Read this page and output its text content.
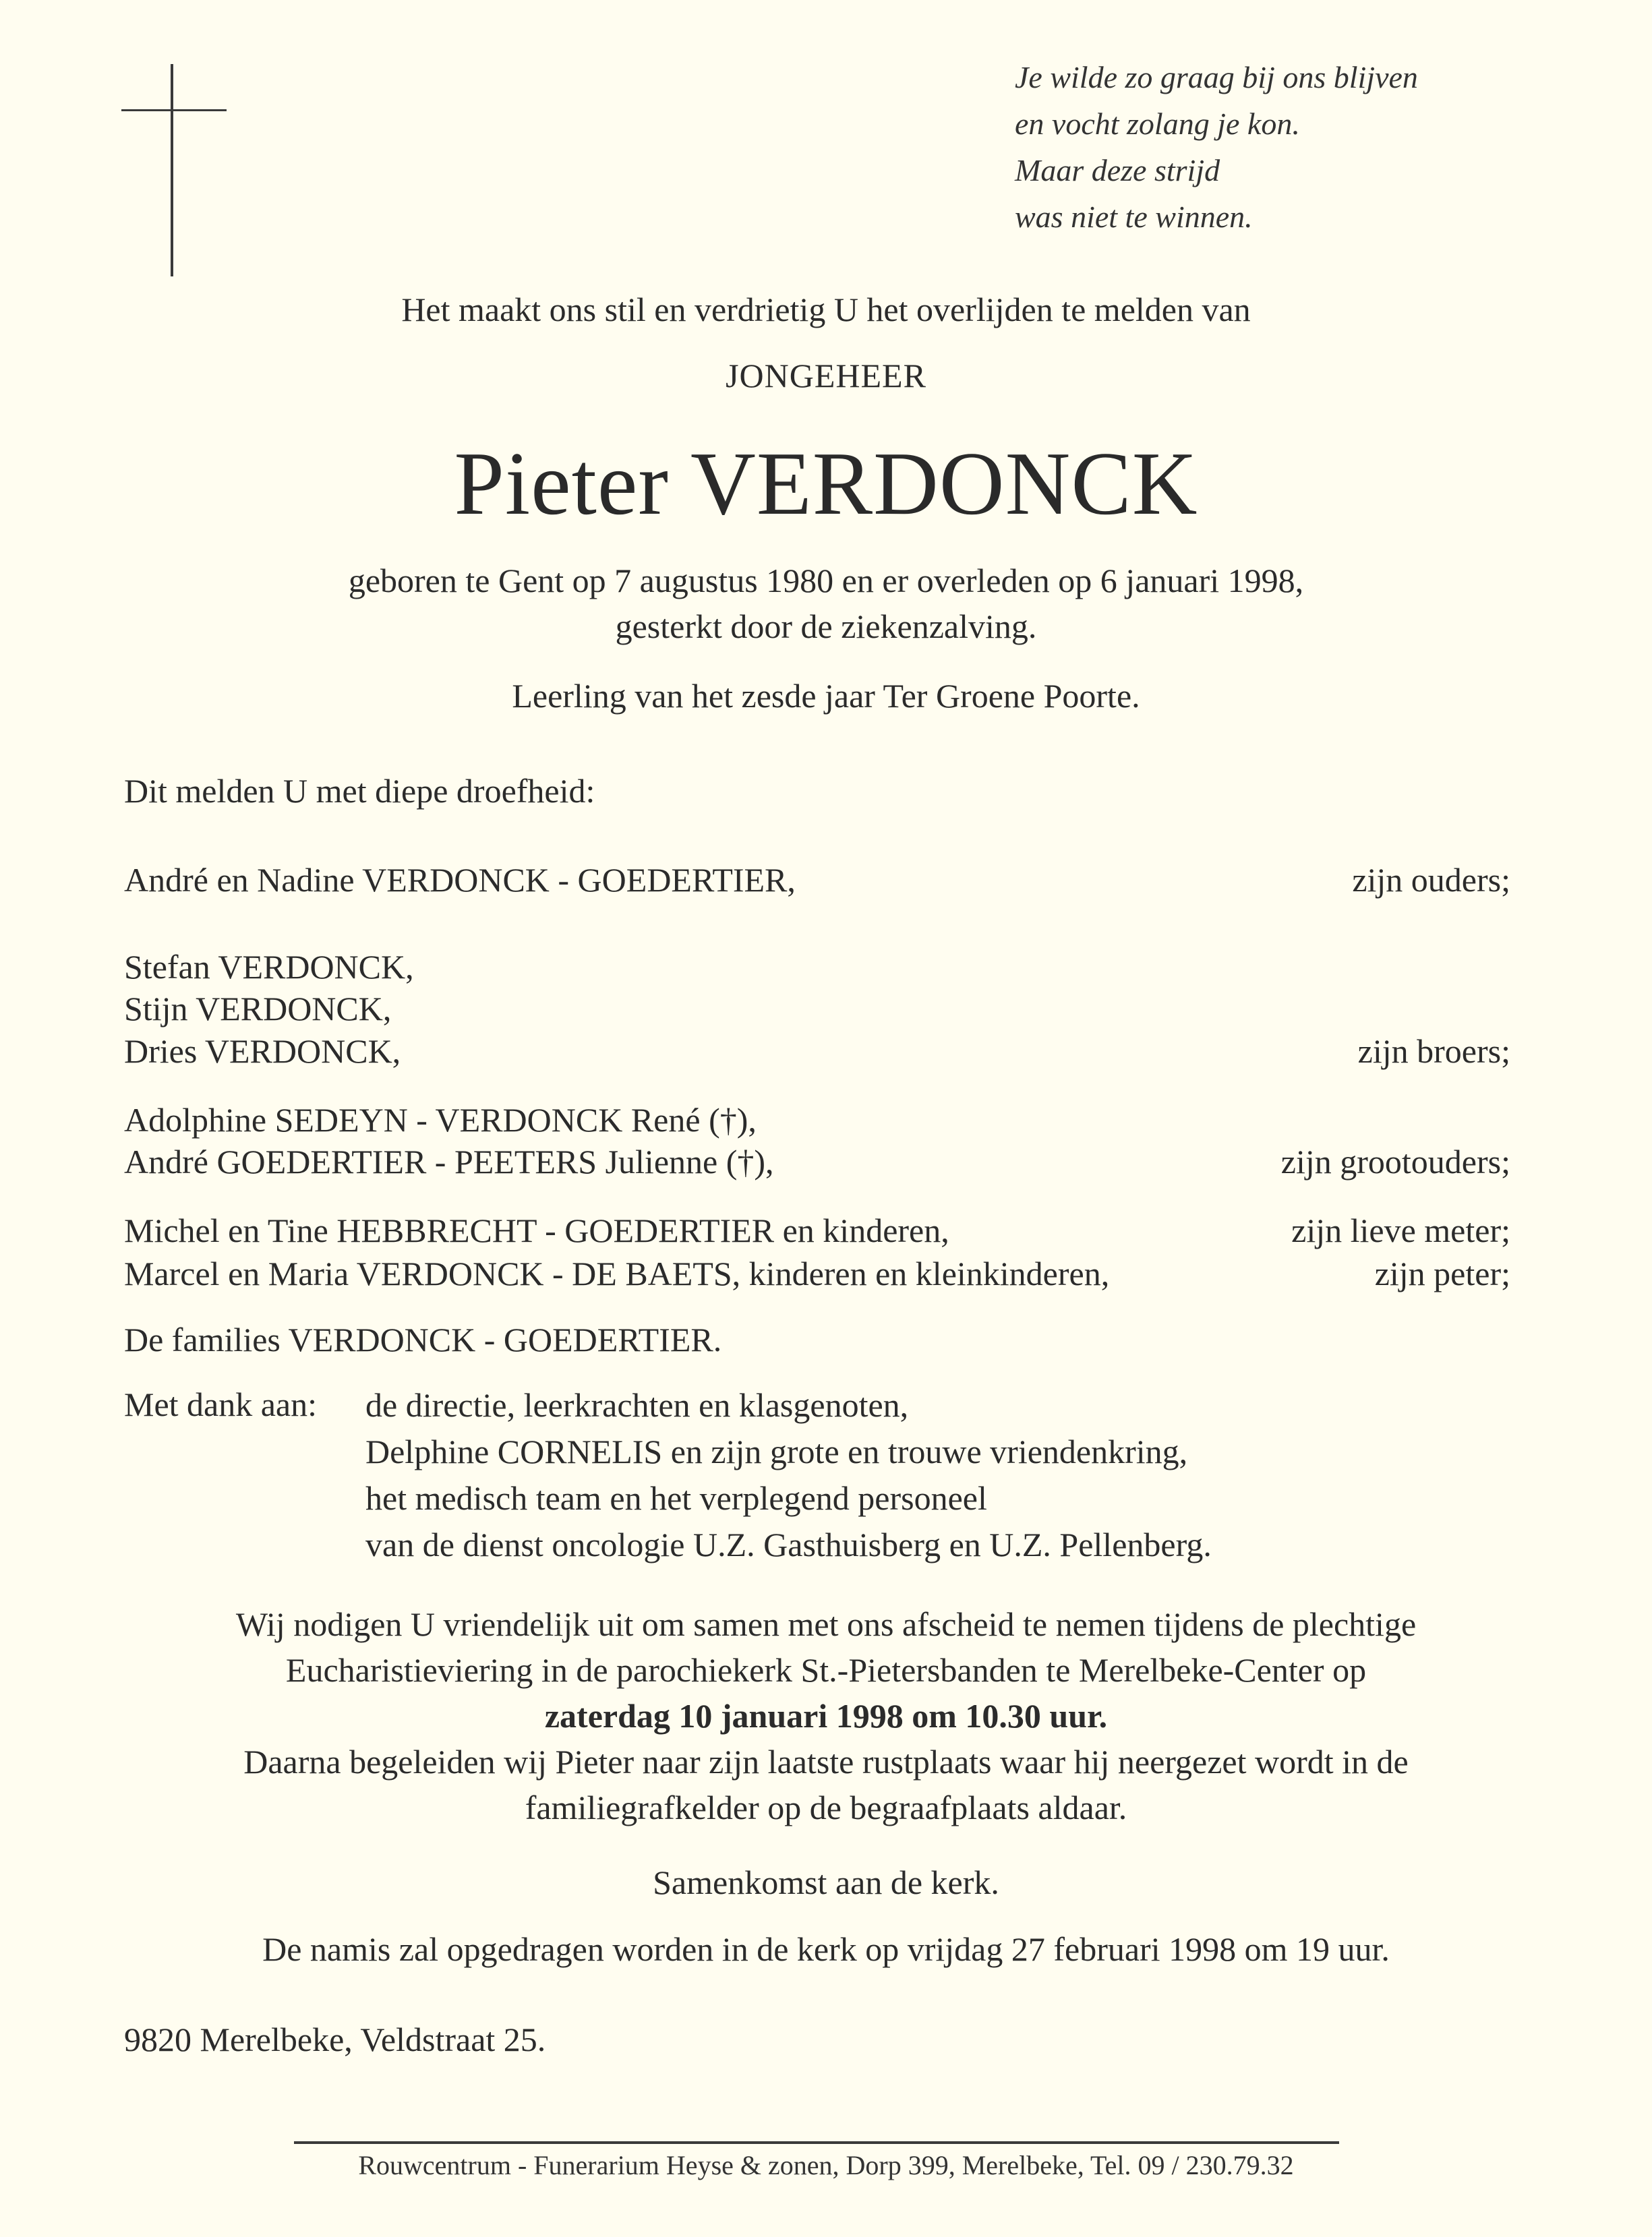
Je wilde zo graag bij ons blijven
en vocht zolang je kon.
Maar deze strijd
was niet te winnen.
Het maakt ons stil en verdrietig U het overlijden te melden van
JONGEHEER
Pieter VERDONCK
geboren te Gent op 7 augustus 1980 en er overleden op 6 januari 1998,
gesterkt door de ziekenzalving.
Leerling van het zesde jaar Ter Groene Poorte.
Dit melden U met diepe droefheid:
André en Nadine VERDONCK - GOEDERTIER,	zijn ouders;
Stefan VERDONCK,
Stijn VERDONCK,
Dries VERDONCK,	zijn broers;
Adolphine SEDEYN - VERDONCK René (†),
André GOEDERTIER - PEETERS Julienne (†),	zijn grootouders;
Michel en Tine HEBBRECHT - GOEDERTIER en kinderen,	zijn lieve meter;
Marcel en Maria VERDONCK - DE BAETS, kinderen en kleinkinderen,	zijn peter;
De families VERDONCK - GOEDERTIER.
Met dank aan: de directie, leerkrachten en klasgenoten,
Delphine CORNELIS en zijn grote en trouwe vriendenkring,
het medisch team en het verplegend personeel
van de dienst oncologie U.Z. Gasthuisberg en U.Z. Pellenberg.
Wij nodigen U vriendelijk uit om samen met ons afscheid te nemen tijdens de plechtige
Eucharistieviering in de parochiekerk St.-Pietersbanden te Merelbeke-Center op
zaterdag 10 januari 1998 om 10.30 uur.
Daarna begeleiden wij Pieter naar zijn laatste rustplaats waar hij neergezet wordt in de
familiegrafkelder op de begraafplaats aldaar.
Samenkomst aan de kerk.
De namis zal opgedragen worden in de kerk op vrijdag 27 februari 1998 om 19 uur.
9820 Merelbeke, Veldstraat 25.
Rouwcentrum - Funerarium Heyse & zonen, Dorp 399, Merelbeke, Tel. 09 / 230.79.32
